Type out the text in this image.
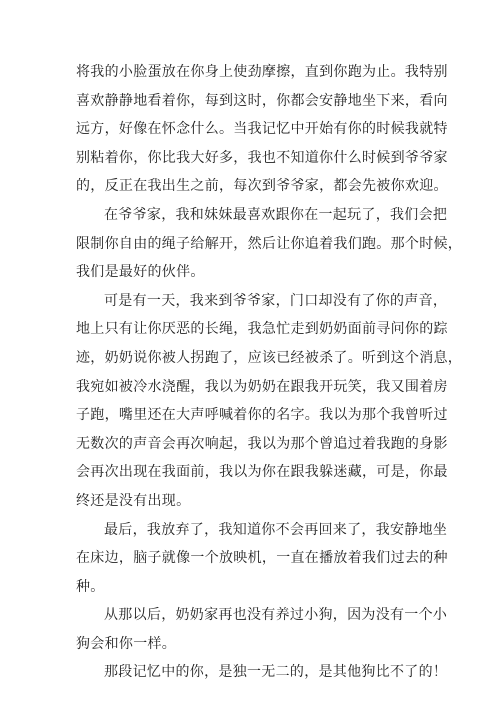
将我的小脸蛋放在你身上使劲摩擦，直到你跑为止。我特别
喜欢静静地看着你，每到这时，你都会安静地坐下来，看向
远方，好像在怀念什么。当我记忆中开始有你的时候我就特
别粘着你，你比我大好多，我也不知道你什么时候到爷爷家
的，反正在我出生之前，每次到爷爷家，都会先被你欢迎。

在爷爷家，我和妹妹最喜欢跟你在一起玩了，我们会把
限制你自由的绳子给解开，然后让你追着我们跑。那个时候，
我们是最好的伙伴。

可是有一天，我来到爷爷家，门口却没有了你的声音，
地上只有让你厌恶的长绳，我急忙走到奶奶面前寻问你的踪
迹，奶奶说你被人拐跑了，应该已经被杀了。听到这个消息，
我宛如被冷水浇醒，我以为奶奶在跟我开玩笑，我又围着房
子跑，嘴里还在大声呼喊着你的名字。我以为那个我曾听过
无数次的声音会再次响起，我以为那个曾追过着我跑的身影
会再次出现在我面前，我以为你在跟我躲迷藏，可是，你最
终还是没有出现。

最后，我放弃了，我知道你不会再回来了，我安静地坐
在床边，脑子就像一个放映机，一直在播放着我们过去的种
种。

从那以后，奶奶家再也没有养过小狗，因为没有一个小
狗会和你一样。

那段记忆中的你，是独一无二的，是其他狗比不了的！
